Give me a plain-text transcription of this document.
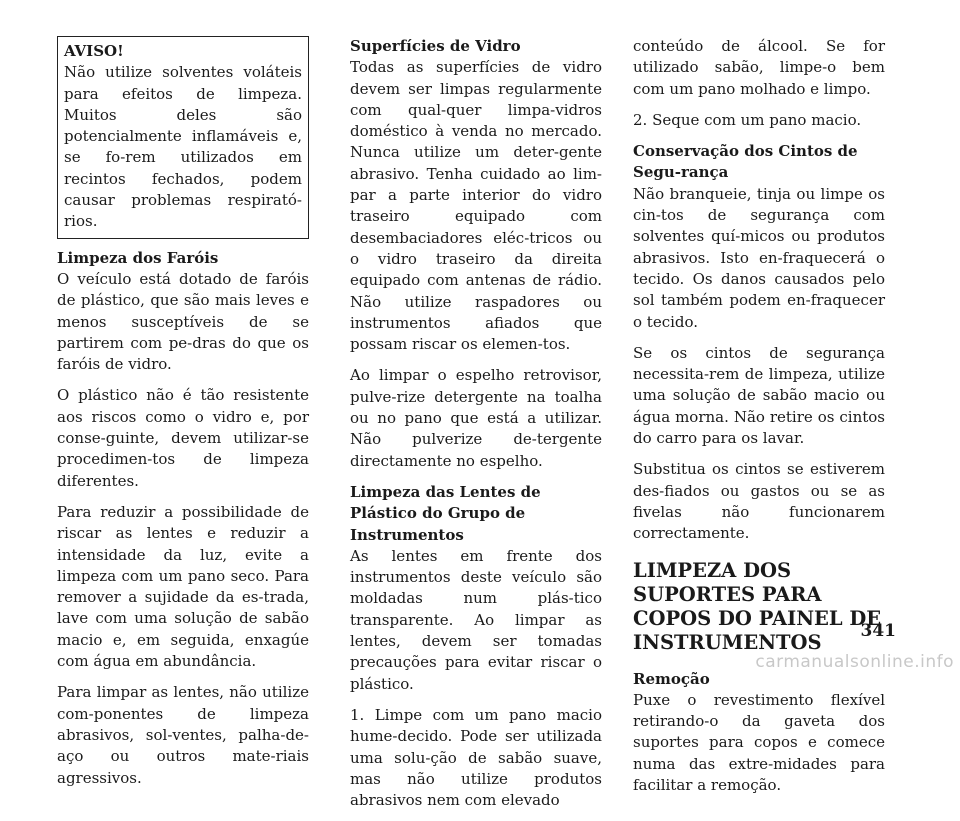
AVISO!

Não utilize solventes voláteis para efeitos de limpeza. Muitos deles são potencialmente inflamáveis e, se fo-rem utilizados em recintos fechados, podem causar problemas respirató-rios.

Limpeza dos Faróis

O veículo está dotado de faróis de plástico, que são mais leves e menos susceptíveis de se partirem com pe-dras do que os faróis de vidro.

O plástico não é tão resistente aos riscos como o vidro e, por conse-guinte, devem utilizar-se procedimen-tos de limpeza diferentes.

Para reduzir a possibilidade de riscar as lentes e reduzir a intensidade da luz, evite a limpeza com um pano seco. Para remover a sujidade da es-trada, lave com uma solução de sabão macio e, em seguida, enxagúe com água em abundância.

Para limpar as lentes, não utilize com-ponentes de limpeza abrasivos, sol-ventes, palha-de-aço ou outros mate-riais agressivos.

Superfícies de Vidro

Todas as superfícies de vidro devem ser limpas regularmente com qual-quer limpa-vidros doméstico à venda no mercado. Nunca utilize um deter-gente abrasivo. Tenha cuidado ao lim-par a parte interior do vidro traseiro equipado com desembaciadores eléc-tricos ou o vidro traseiro da direita equipado com antenas de rádio. Não utilize raspadores ou instrumentos afiados que possam riscar os elemen-tos.

Ao limpar o espelho retrovisor, pulve-rize detergente na toalha ou no pano que está a utilizar. Não pulverize de-tergente directamente no espelho.

Limpeza das Lentes de Plástico do Grupo de Instrumentos

As lentes em frente dos instrumentos deste veículo são moldadas num plás-tico transparente. Ao limpar as lentes, devem ser tomadas precauções para evitar riscar o plástico.

1. Limpe com um pano macio hume-decido. Pode ser utilizada uma solu-ção de sabão suave, mas não utilize produtos abrasivos nem com elevado

conteúdo de álcool. Se for utilizado sabão, limpe-o bem com um pano molhado e limpo.

2. Seque com um pano macio.

Conservação dos Cintos de Segu-rança

Não branqueie, tinja ou limpe os cin-tos de segurança com solventes quí-micos ou produtos abrasivos. Isto en-fraquecerá o tecido. Os danos causados pelo sol também podem en-fraquecer o tecido.

Se os cintos de segurança necessita-rem de limpeza, utilize uma solução de sabão macio ou água morna. Não retire os cintos do carro para os lavar.

Substitua os cintos se estiverem des-fiados ou gastos ou se as fivelas não funcionarem correctamente.

LIMPEZA DOS SUPORTES PARA COPOS DO PAINEL DE INSTRUMENTOS
Remoção

Puxe o revestimento flexível retirando-o da gaveta dos suportes para copos e comece numa das extre-midades para facilitar a remoção.

341
carmanualsonline.info
